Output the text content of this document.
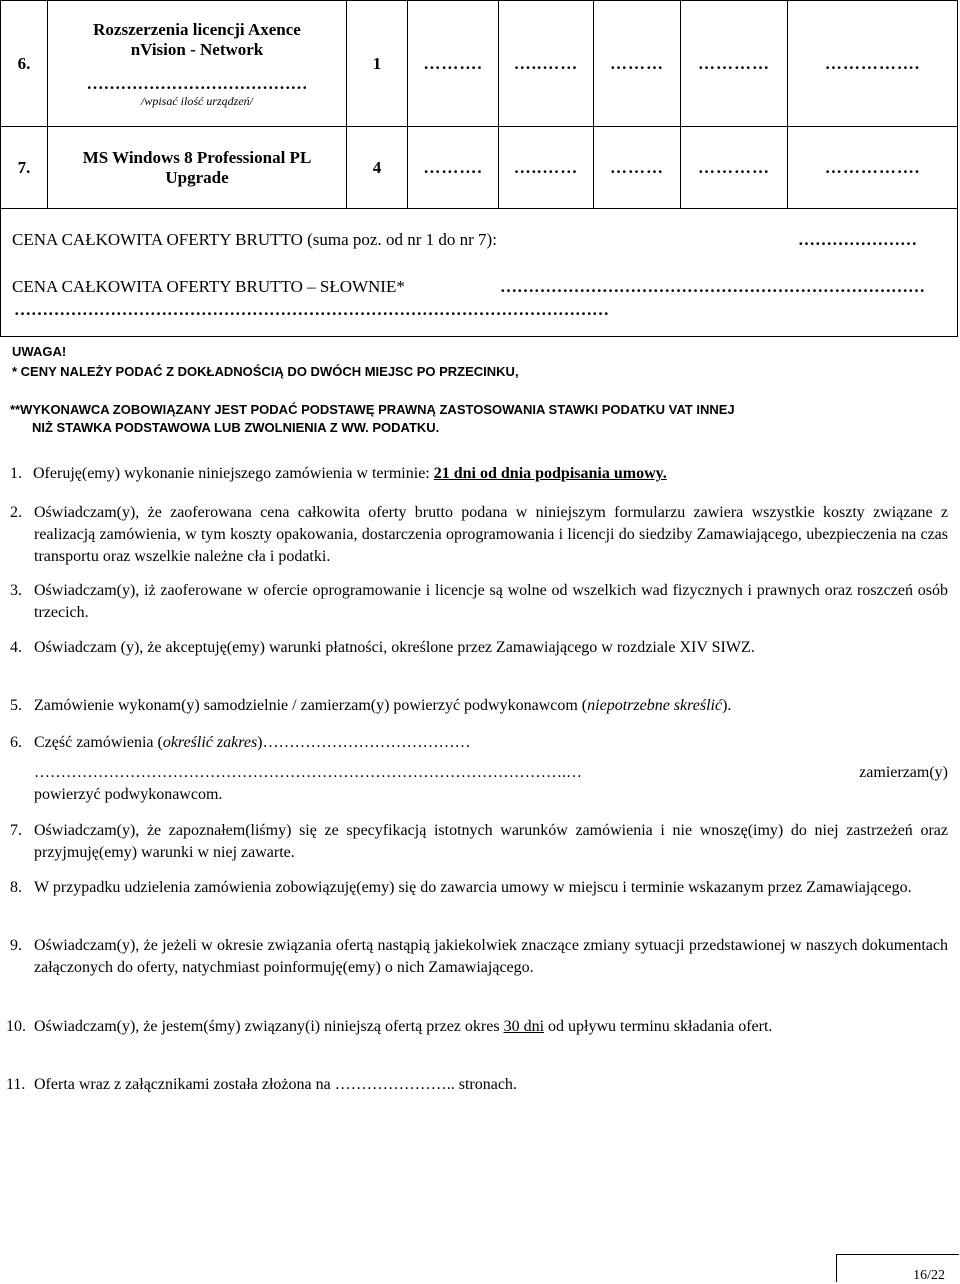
6.	Rozszerzenia licencji Axence
nVision - Network
…………………………………
/wpisać ilość urządzeń/	1	……….	…..……	………	…………	…………….
7.	MS Windows 8 Professional PL
Upgrade	4	……….	…..……	………	…………	…………….
CENA CAŁKOWITA OFERTY BRUTTO (suma poz. od nr 1 do nr 7):	…………………
CENA CAŁKOWITA OFERTY BRUTTO – SŁOWNIE*	…………………………………………………………………
……………………………………………………………………………………………
UWAGA!
* CENY NALEŻY PODAĆ Z DOKŁADNOŚCIĄ DO DWÓCH MIEJSC PO PRZECINKU,
**WYKONAWCA ZOBOWIĄZANY JEST PODAĆ PODSTAWĘ PRAWNĄ ZASTOSOWANIA STAWKI PODATKU VAT INNEJ
NIŻ STAWKA PODSTAWOWA LUB ZWOLNIENIA Z WW. PODATKU.
1. Oferuję(emy) wykonanie niniejszego zamówienia w terminie: 21 dni od dnia podpisania umowy.
2. Oświadczam(y), że zaoferowana cena całkowita oferty brutto podana w niniejszym formularzu zawiera wszystkie koszty związane z realizacją zamówienia, w tym koszty opakowania, dostarczenia oprogramowania i licencji do siedziby Zamawiającego, ubezpieczenia na czas transportu oraz wszelkie należne cła i podatki.
3. Oświadczam(y), iż zaoferowane w ofercie oprogramowanie i licencje są wolne od wszelkich wad fizycznych i prawnych oraz roszczeń osób trzecich.
4. Oświadczam (y), że akceptuję(emy) warunki płatności, określone przez Zamawiającego w rozdziale XIV SIWZ.
5. Zamówienie wykonam(y) samodzielnie / zamierzam(y) powierzyć podwykonawcom (niepotrzebne skreślić).
6. Część zamówienia (określić zakres)…………………………………
……………………………………………………………………………………….…	zamierzam(y)
powierzyć podwykonawcom.
7. Oświadczam(y), że zapoznałem(liśmy) się ze specyfikacją istotnych warunków zamówienia i nie wnoszę(imy) do niej zastrzeżeń oraz przyjmuję(emy) warunki w niej zawarte.
8. W przypadku udzielenia zamówienia zobowiązuję(emy) się do zawarcia umowy w miejscu i terminie wskazanym przez Zamawiającego.
9. Oświadczam(y), że jeżeli w okresie związania ofertą nastąpią jakiekolwiek znaczące zmiany sytuacji przedstawionej w naszych dokumentach załączonych do oferty, natychmiast poinformuję(emy) o nich Zamawiającego.
10. Oświadczam(y), że jestem(śmy) związany(i) niniejszą ofertą przez okres 30 dni od upływu terminu składania ofert.
11. Oferta wraz z załącznikami została złożona na ………………….. stronach.
16/22
